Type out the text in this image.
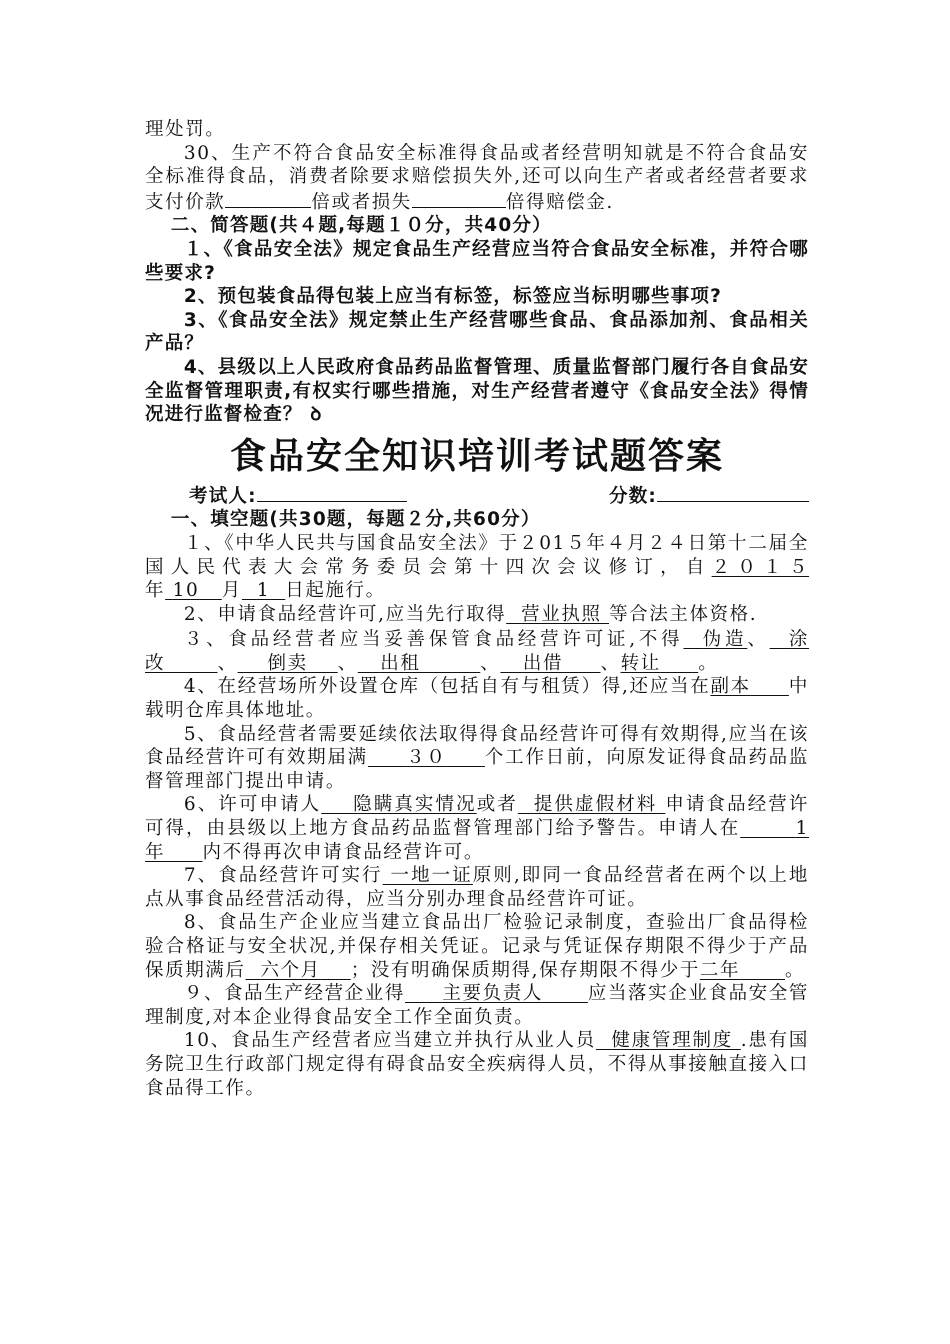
理处罚。

30、生产不符合食品安全标准得食品或者经营明知就是不符合食品安全标准得食品，消费者除要求赔偿损失外,还可以向生产者或者经营者要求支付价款	倍或者损失	倍得赔偿金.

二、简答题(共４题,每题１０分，共40分）

１、《食品安全法》规定食品生产经营应当符合食品安全标准，并符合哪些要求?

2、预包装食品得包装上应当有标签，标签应当标明哪些事项?

3、《食品安全法》规定禁止生产经营哪些食品、食品添加剂、食品相关产品？

4、县级以上人民政府食品药品监督管理、质量监督部门履行各自食品安全监督管理职责,有权实行哪些措施，对生产经营者遵守《食品安全法》得情况进行监督检查？ ꝺ

食品安全知识培训考试题答案
考试人:	分数:

一、填空题(共30题，每题２分,共60分）

１、《中华人民共与国食品安全法》于２01５年４月２４日第十二届全国人民代表大会常务委员会第十四次会议修订，自２０１５年 10 月 1 日起施行。

2、申请食品经营许可,应当先行取得 营业执照 等合法主体资格.

３、食品经营者应当妥善保管食品经营许可证,不得 伪造、 涂改	、 倒卖 、 出租	、 出借 、转让 。

4、在经营场所外设置仓库（包括自有与租赁）得,还应当在副本 中载明仓库具体地址。

5、食品经营者需要延续依法取得得食品经营许可得有效期得,应当在该食品经营许可有效期届满 ３０ 个工作日前，向原发证得食品药品监督管理部门提出申请。

6、许可申请人 隐瞒真实情况或者 提供虚假材料 申请食品经营许可得，由县级以上地方食品药品监督管理部门给予警告。申请人在	1年 内不得再次申请食品经营许可。

7、食品经营许可实行 一地一证原则,即同一食品经营者在两个以上地点从事食品经营活动得，应当分别办理食品经营许可证。

8、食品生产企业应当建立食品出厂检验记录制度，查验出厂食品得检验合格证与安全状况,并保存相关凭证。记录与凭证保存期限不得少于产品保质期满后 六个月 ；没有明确保质期得,保存期限不得少于二年 。

９、食品生产经营企业得 主要负责人 应当落实企业食品安全管理制度,对本企业得食品安全工作全面负责。

10、食品生产经营者应当建立并执行从业人员 健康管理制度 .患有国务院卫生行政部门规定得有碍食品安全疾病得人员，不得从事接触直接入口食品得工作。
